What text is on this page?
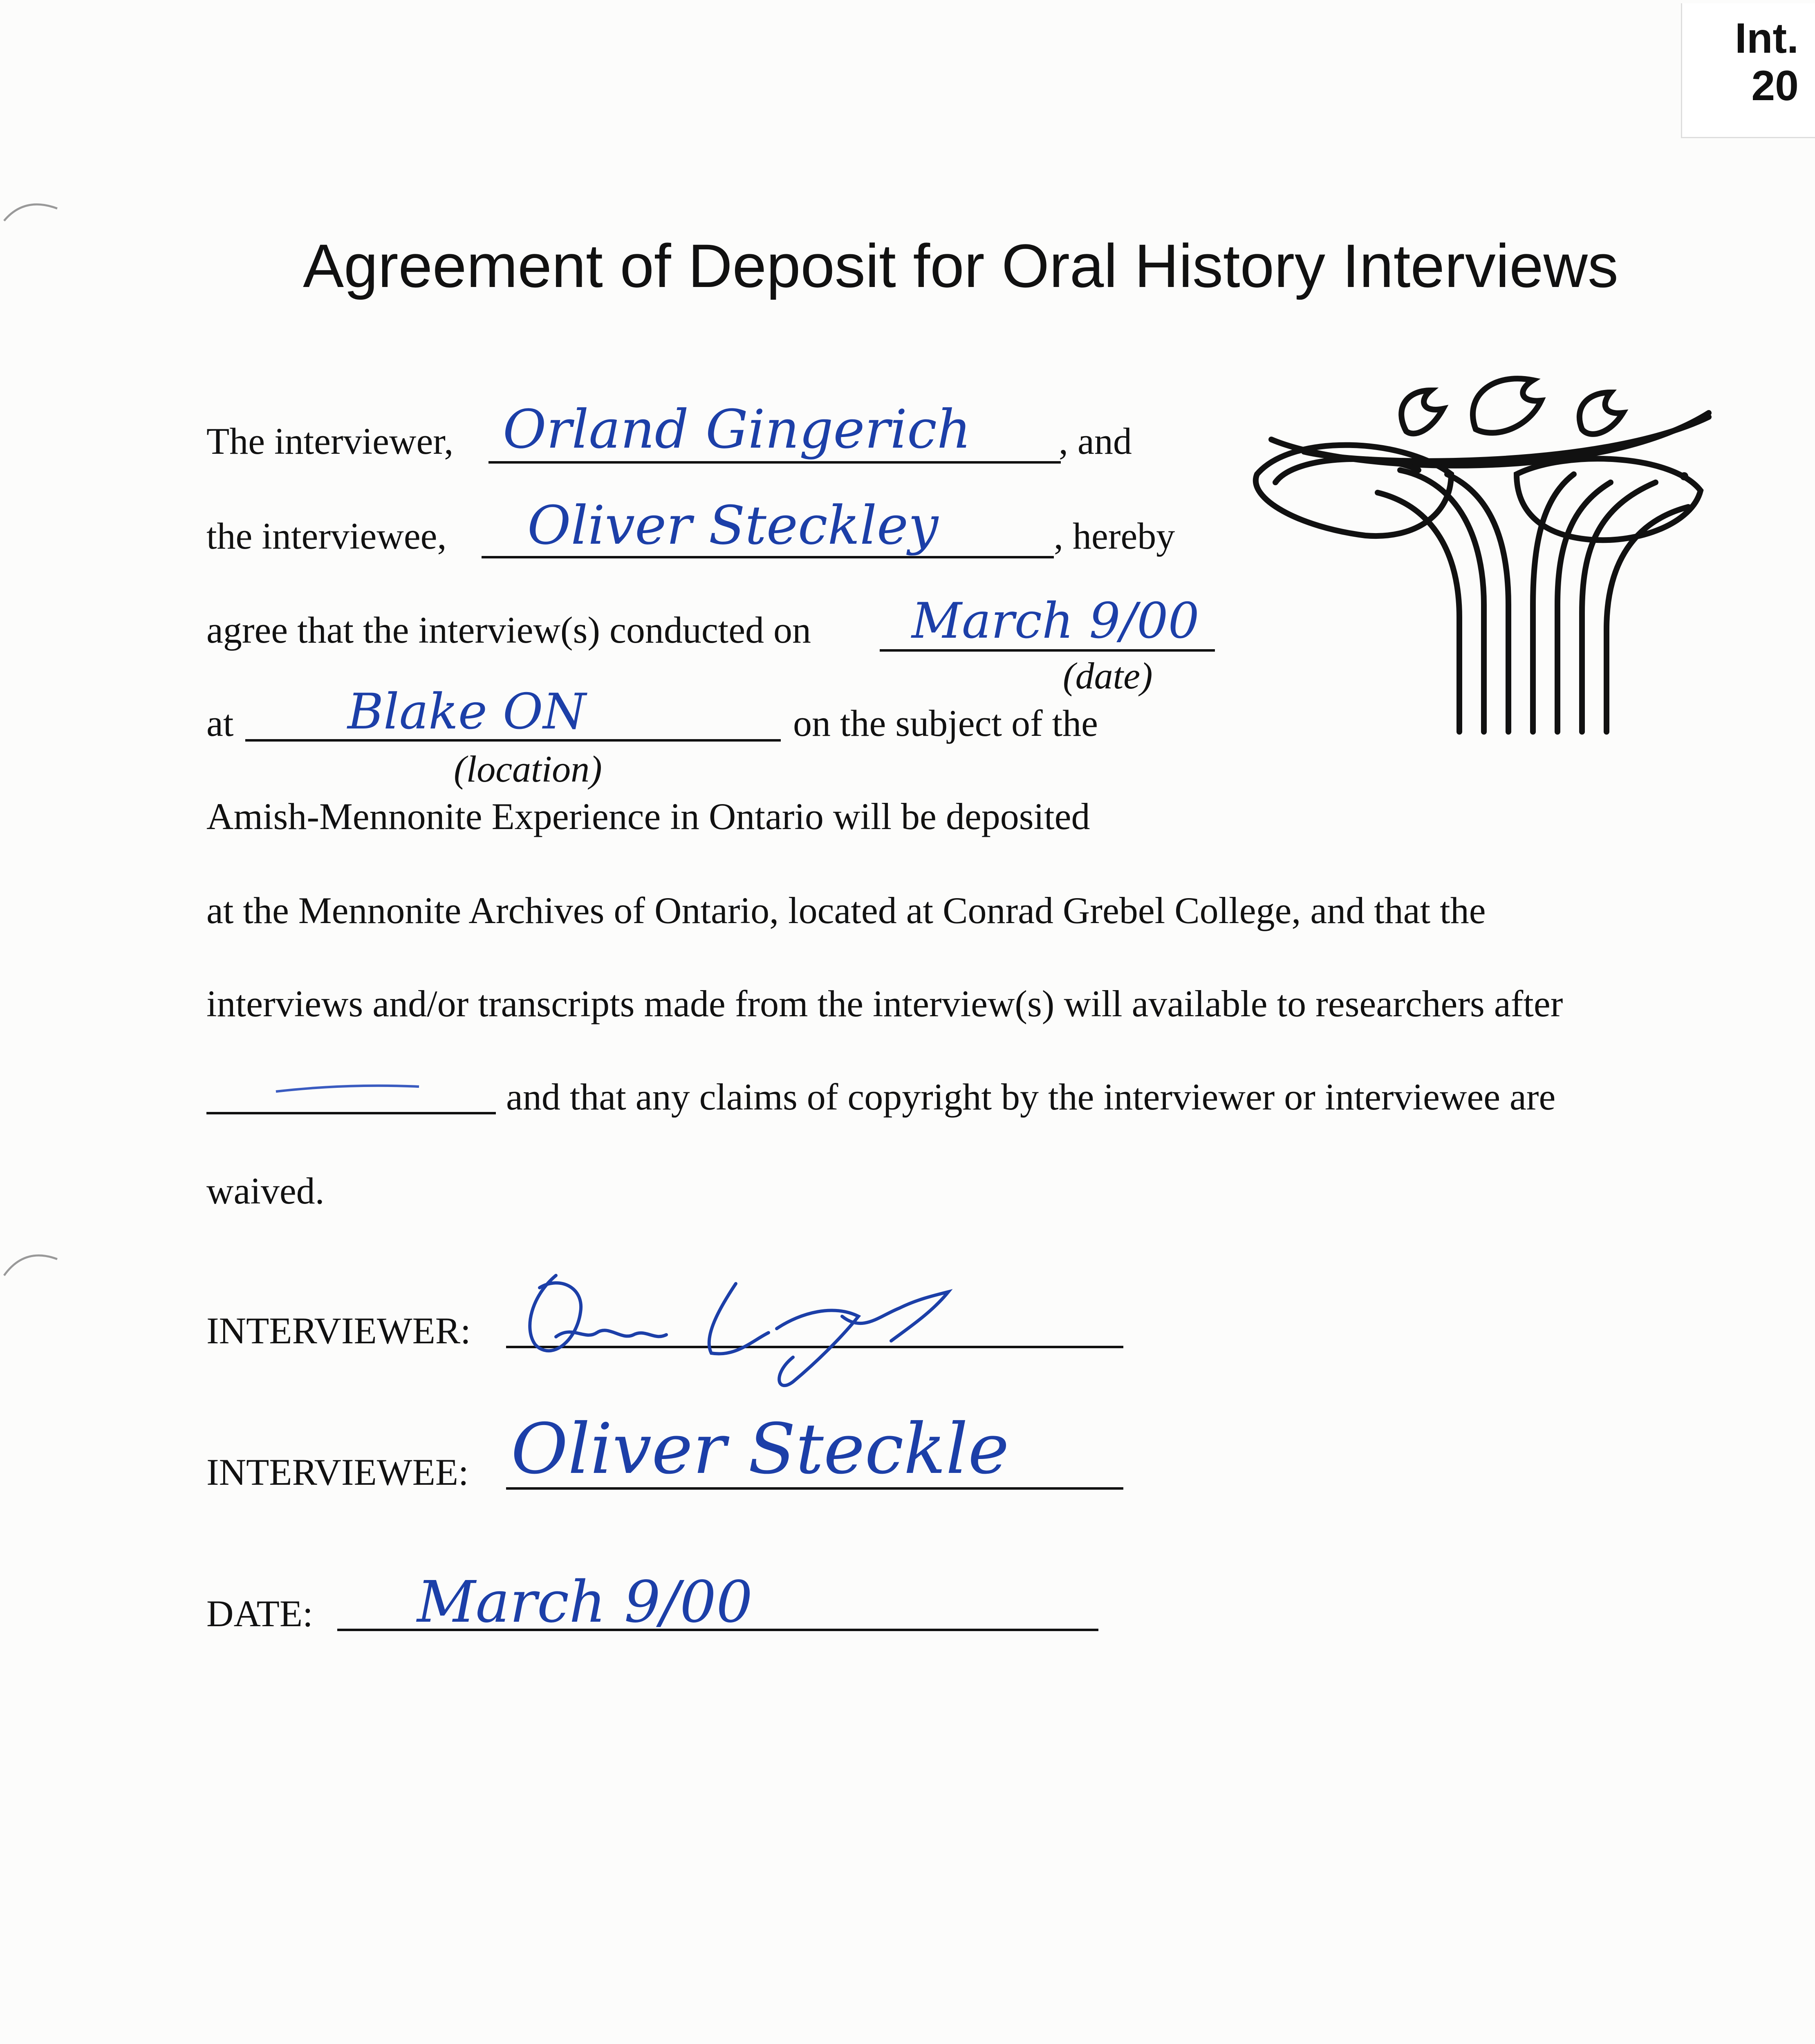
Int.
20
Agreement of Deposit for Oral History Interviews
The interviewer, Orland Gingerich , and
the interviewee, Oliver Steckley	, hereby
agree that the interview(s) conducted on March 9/00
(date)
at Blake ON	on the subject of the
(location)
Amish-Mennonite Experience in Ontario will be deposited
at the Mennonite Archives of Ontario, located at Conrad Grebel College, and that the
interviews and/or transcripts made from the interview(s) will available to researchers after
and that any claims of copyright by the interviewer or interviewee are
waived.
INTERVIEWER:
INTERVIEWEE: Oliver Steckle
DATE: March 9/00
